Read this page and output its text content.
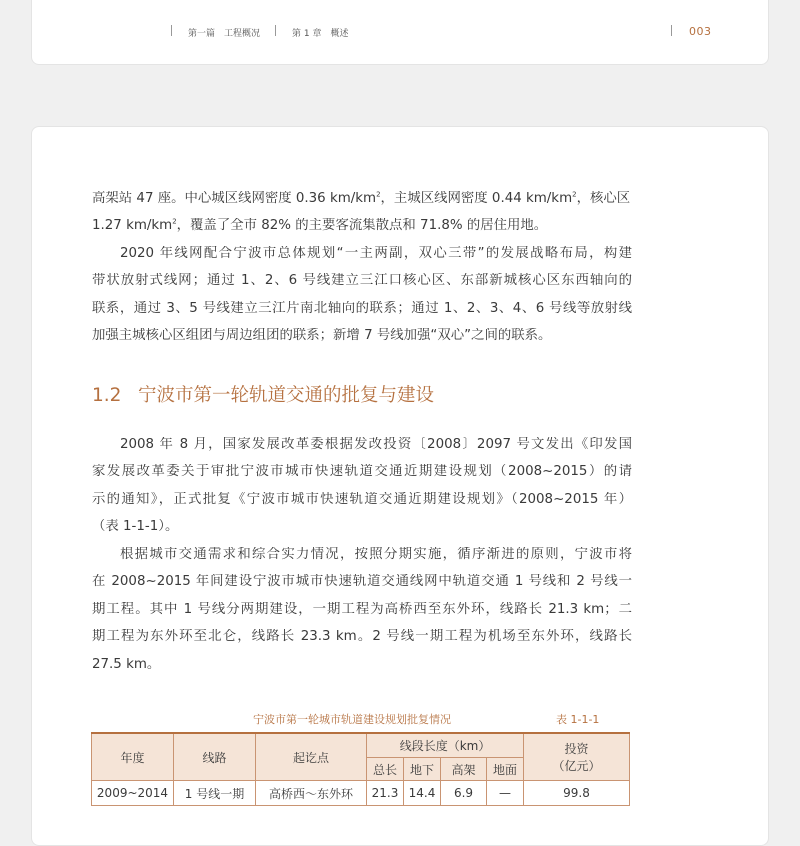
第一篇 工程概况	第 1 章 概述	003
高架站 47 座。中心城区线网密度 0.36 $km/km^2$，主城区线网密度 0.44 $km/km^2$，核心区
1.27 $km/km^2$，覆盖了全市 82% 的主要客流集散点和 71.8% 的居住用地。
2020 年线网配合宁波市总体规划“一主两副，双心三带”的发展战略布局，构建
带状放射式线网；通过 1、2、6 号线建立三江口核心区、东部新城核心区东西轴向的
联系，通过 3、5 号线建立三江片南北轴向的联系；通过 1、2、3、4、6 号线等放射线
加强主城核心区组团与周边组团的联系；新增 7 号线加强“双心”之间的联系。
1.2 宁波市第一轮轨道交通的批复与建设
2008 年 8 月，国家发展改革委根据发改投资〔2008〕2097 号文发出《印发国
家发展改革委关于审批宁波市城市快速轨道交通近期建设规划（2008~2015）的请
示的通知》，正式批复《宁波市城市快速轨道交通近期建设规划》（2008~2015 年）
（表 1-1-1）。
根据城市交通需求和综合实力情况，按照分期实施，循序渐进的原则，宁波市将
在 2008~2015 年间建设宁波市城市快速轨道交通线网中轨道交通 1 号线和 2 号线一
期工程。其中 1 号线分两期建设，一期工程为高桥西至东外环，线路长 21.3 km；二
期工程为东外环至北仑，线路长 23.3 km。2 号线一期工程为机场至东外环，线路长
27.5 km。
宁波市第一轮城市轨道建设规划批复情况	表 1-1-1
年度	线路	起讫点	线段长度（km）				投资
（亿元）

			总长	地下	高架	地面	
2009~2014	1 号线一期	高桥西～东外环	21.3	14.4	6.9	—	99.8
